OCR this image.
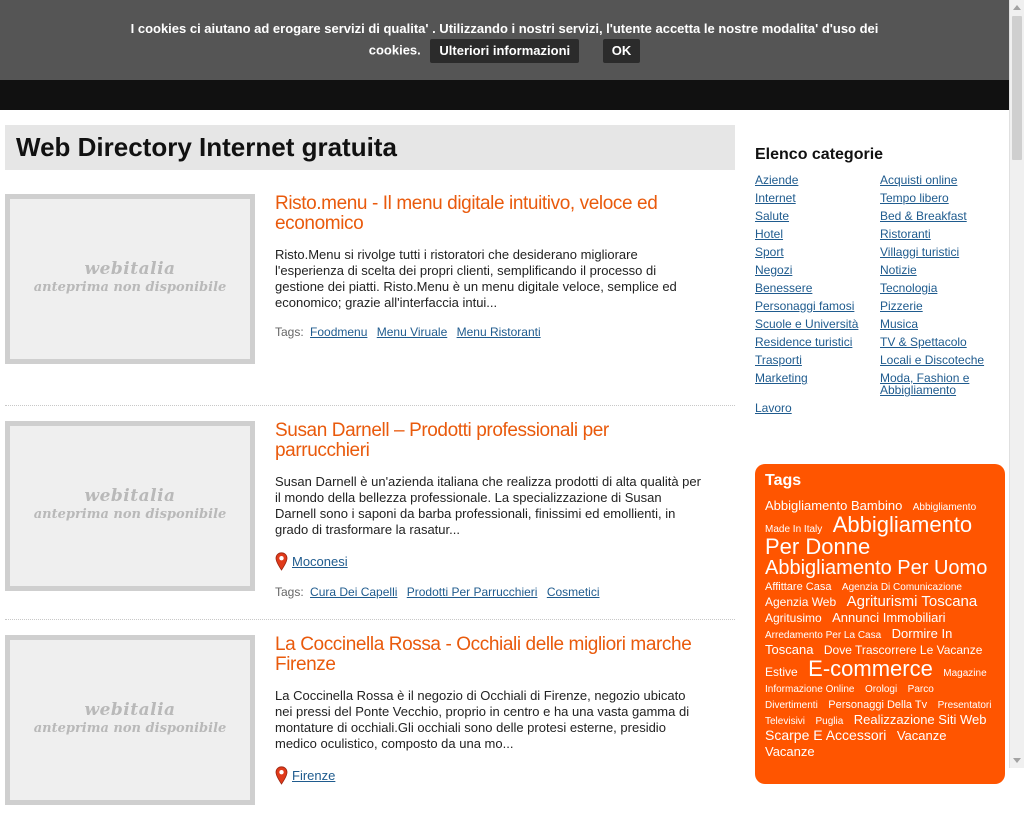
I cookies ci aiutano ad erogare servizi di qualita' . Utilizzando i nostri servizi, l'utente accetta le nostre modalita' d'uso dei
cookies. Ulteriori informazioni	OK
Web Directory Internet gratuita
webitalia
anteprima non disponibile
Risto.menu - Il menu digitale intuitivo, veloce ed economico

Risto.Menu si rivolge tutti i ristoratori che desiderano migliorare l'esperienza di scelta dei propri clienti, semplificando il processo di gestione dei piatti. Risto.Menu è un menu digitale veloce, semplice ed economico; grazie all'interfaccia intui...

Tags: Foodmenu Menu Viruale Menu Ristoranti
webitalia
anteprima non disponibile
Susan Darnell – Prodotti professionali per parrucchieri

Susan Darnell è un'azienda italiana che realizza prodotti di alta qualità per il mondo della bellezza professionale. La specializzazione di Susan Darnell sono i saponi da barba professionali, finissimi ed emollienti, in grado di trasformare la rasatur...

Moconesi
Tags: Cura Dei Capelli Prodotti Per Parrucchieri Cosmetici
webitalia
anteprima non disponibile
La Coccinella Rossa - Occhiali delle migliori marche Firenze

La Coccinella Rossa è il negozio di Occhiali di Firenze, negozio ubicato nei pressi del Ponte Vecchio, proprio in centro e ha una vasta gamma di montature di occhiali.Gli occhiali sono delle protesi esterne, presidio medico oculistico, composto da una mo...

Firenze
Elenco categorie
Aziende
Internet
Salute
Hotel
Sport
Negozi
Benessere
Personaggi famosi
Scuole e Università
Residence turistici
Trasporti
Marketing
Lavoro
Acquisti online
Tempo libero
Bed & Breakfast
Ristoranti
Villaggi turistici
Notizie
Tecnologia
Pizzerie
Musica
TV & Spettacolo
Locali e Discoteche
Moda, Fashion e Abbigliamento
Tags
Abbigliamento Bambino Abbigliamento Made In Italy Abbigliamento Per Donne Abbigliamento Per Uomo Affittare Casa Agenzia Di Comunicazione Agenzia Web Agriturismi Toscana Agritusimo Annunci Immobiliari Arredamento Per La Casa Dormire In Toscana Dove Trascorrere Le Vacanze Estive E-commerce Magazine Informazione Online Orologi Parco Divertimenti Personaggi Della Tv Presentatori Televisivi Puglia Realizzazione Siti Web Scarpe E Accessori Vacanze Vacanze
